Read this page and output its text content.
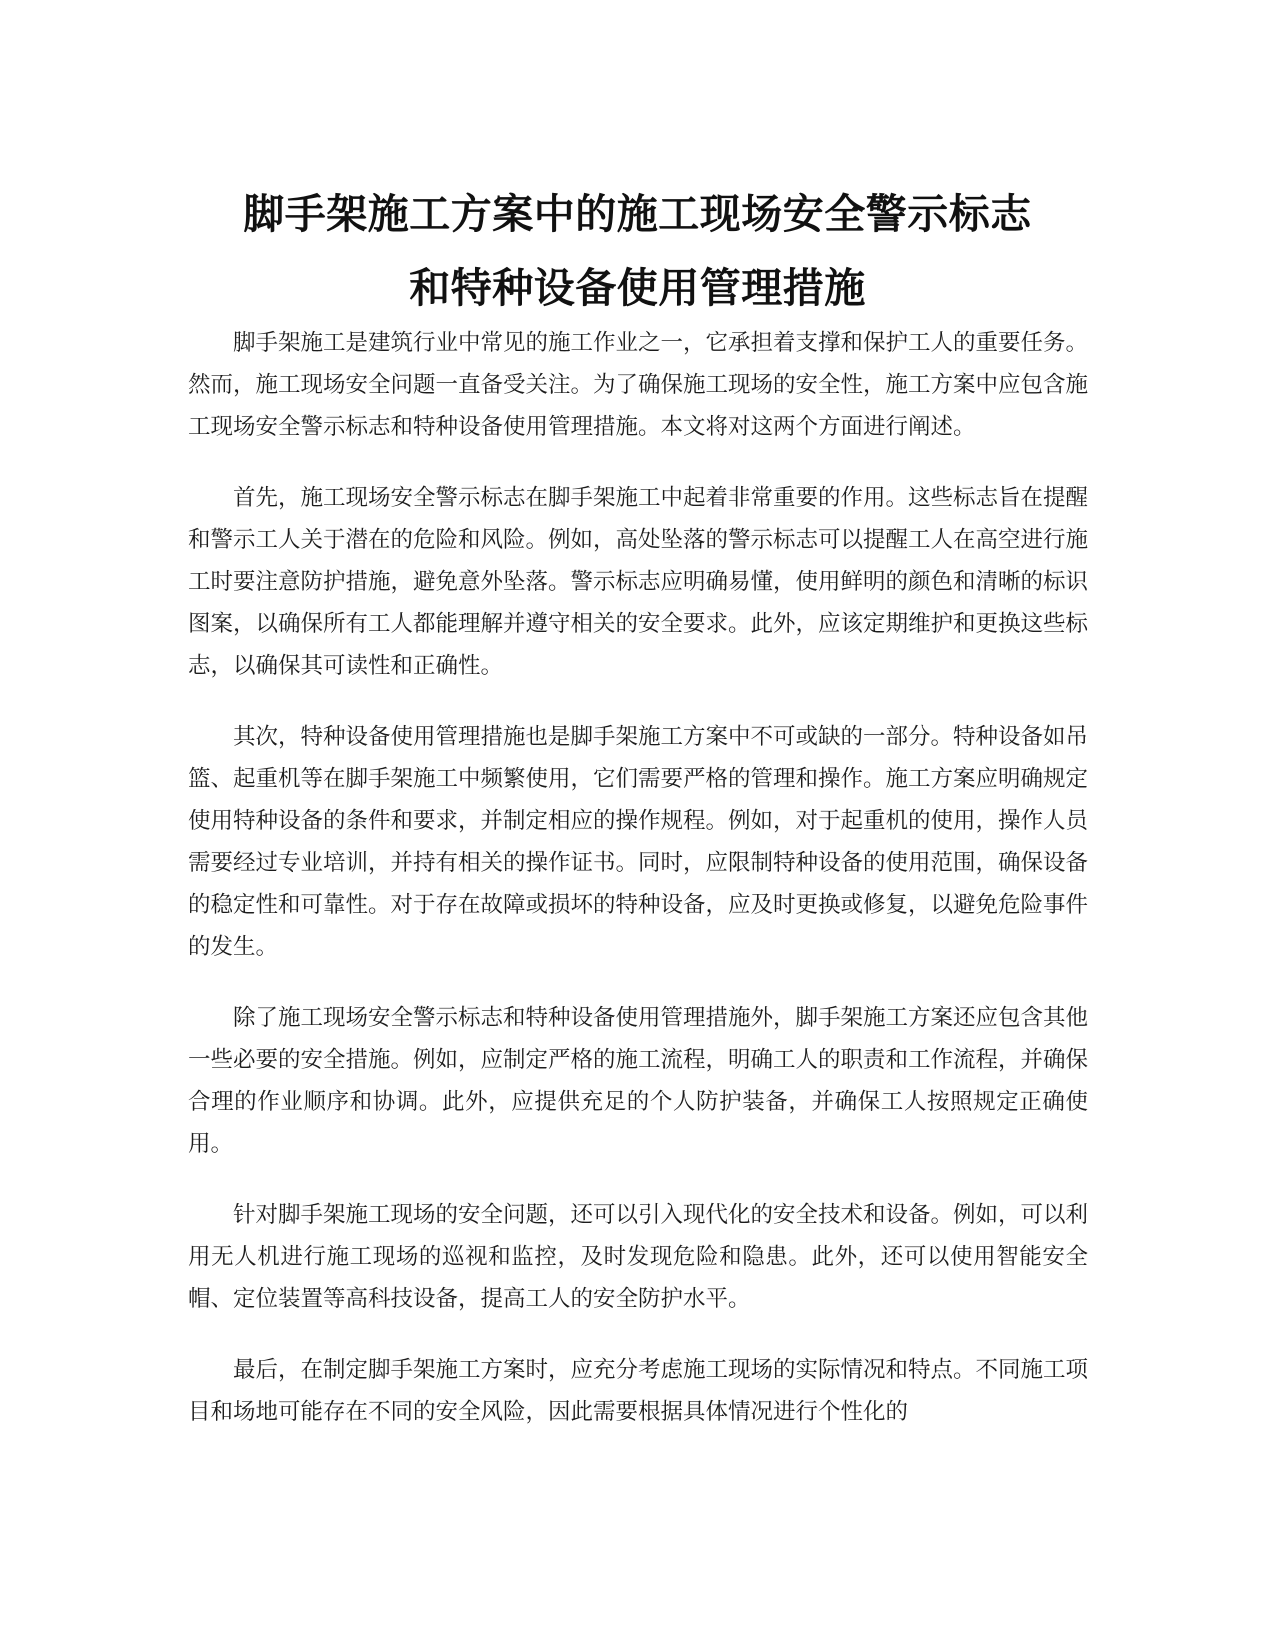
脚手架施工方案中的施工现场安全警示标志
和特种设备使用管理措施

脚手架施工是建筑行业中常见的施工作业之一，它承担着支撑和保护工人的重要任务。然而，施工现场安全问题一直备受关注。为了确保施工现场的安全性，施工方案中应包含施工现场安全警示标志和特种设备使用管理措施。本文将对这两个方面进行阐述。

首先，施工现场安全警示标志在脚手架施工中起着非常重要的作用。这些标志旨在提醒和警示工人关于潜在的危险和风险。例如，高处坠落的警示标志可以提醒工人在高空进行施工时要注意防护措施，避免意外坠落。警示标志应明确易懂，使用鲜明的颜色和清晰的标识图案，以确保所有工人都能理解并遵守相关的安全要求。此外，应该定期维护和更换这些标志，以确保其可读性和正确性。

其次，特种设备使用管理措施也是脚手架施工方案中不可或缺的一部分。特种设备如吊篮、起重机等在脚手架施工中频繁使用，它们需要严格的管理和操作。施工方案应明确规定使用特种设备的条件和要求，并制定相应的操作规程。例如，对于起重机的使用，操作人员需要经过专业培训，并持有相关的操作证书。同时，应限制特种设备的使用范围，确保设备的稳定性和可靠性。对于存在故障或损坏的特种设备，应及时更换或修复，以避免危险事件的发生。

除了施工现场安全警示标志和特种设备使用管理措施外，脚手架施工方案还应包含其他一些必要的安全措施。例如，应制定严格的施工流程，明确工人的职责和工作流程，并确保合理的作业顺序和协调。此外，应提供充足的个人防护装备，并确保工人按照规定正确使用。

针对脚手架施工现场的安全问题，还可以引入现代化的安全技术和设备。例如，可以利用无人机进行施工现场的巡视和监控，及时发现危险和隐患。此外，还可以使用智能安全帽、定位装置等高科技设备，提高工人的安全防护水平。

最后，在制定脚手架施工方案时，应充分考虑施工现场的实际情况和特点。不同施工项目和场地可能存在不同的安全风险，因此需要根据具体情况进行个性化的
